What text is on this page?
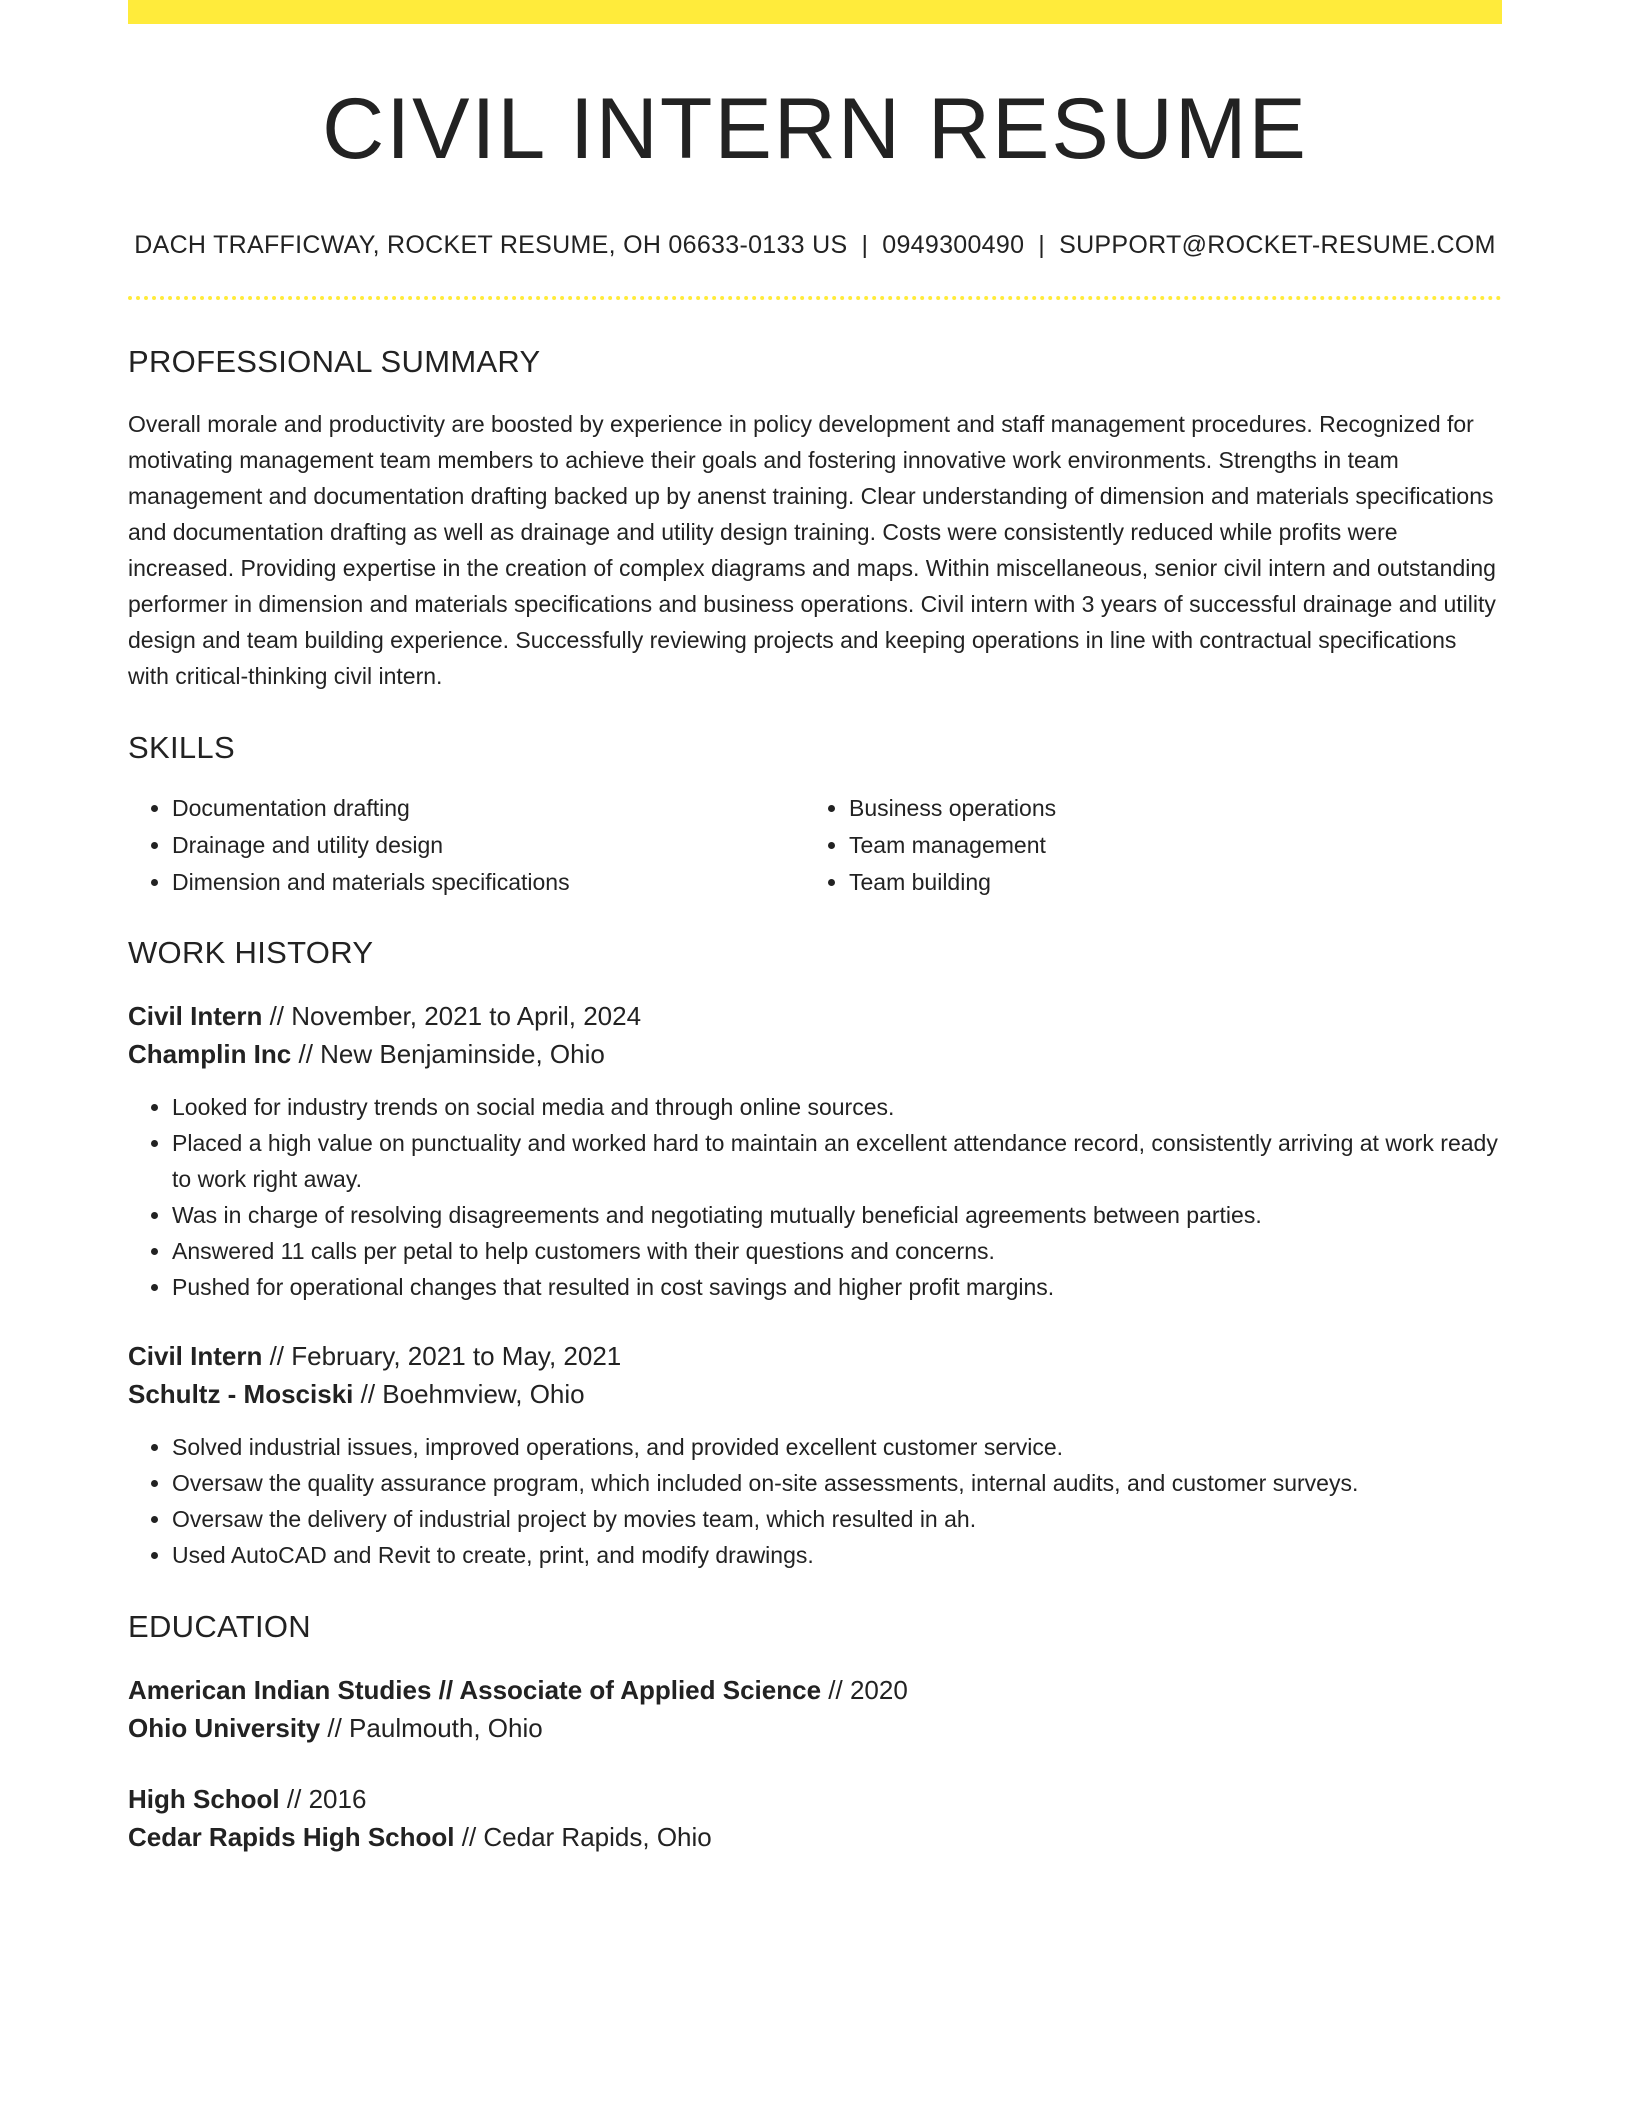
CIVIL INTERN RESUME
DACH TRAFFICWAY, ROCKET RESUME, OH 06633-0133 US | 0949300490 | SUPPORT@ROCKET-RESUME.COM
PROFESSIONAL SUMMARY

Overall morale and productivity are boosted by experience in policy development and staff management procedures. Recognized for motivating management team members to achieve their goals and fostering innovative work environments. Strengths in team management and documentation drafting backed up by anenst training. Clear understanding of dimension and materials specifications and documentation drafting as well as drainage and utility design training. Costs were consistently reduced while profits were increased. Providing expertise in the creation of complex diagrams and maps. Within miscellaneous, senior civil intern and outstanding performer in dimension and materials specifications and business operations. Civil intern with 3 years of successful drainage and utility design and team building experience. Successfully reviewing projects and keeping operations in line with contractual specifications with critical-thinking civil intern.

SKILLS
• Documentation drafting
• Drainage and utility design
• Dimension and materials specifications
• Business operations
• Team management
• Team building
WORK HISTORY
Civil Intern // November, 2021 to April, 2024
Champlin Inc // New Benjaminside, Ohio
• Looked for industry trends on social media and through online sources.
• Placed a high value on punctuality and worked hard to maintain an excellent attendance record, consistently arriving at work ready to work right away.
• Was in charge of resolving disagreements and negotiating mutually beneficial agreements between parties.
• Answered 11 calls per petal to help customers with their questions and concerns.
• Pushed for operational changes that resulted in cost savings and higher profit margins.
Civil Intern // February, 2021 to May, 2021
Schultz - Mosciski // Boehmview, Ohio
• Solved industrial issues, improved operations, and provided excellent customer service.
• Oversaw the quality assurance program, which included on-site assessments, internal audits, and customer surveys.
• Oversaw the delivery of industrial project by movies team, which resulted in ah.
• Used AutoCAD and Revit to create, print, and modify drawings.
EDUCATION
American Indian Studies // Associate of Applied Science // 2020
Ohio University // Paulmouth, Ohio
High School // 2016
Cedar Rapids High School // Cedar Rapids, Ohio
